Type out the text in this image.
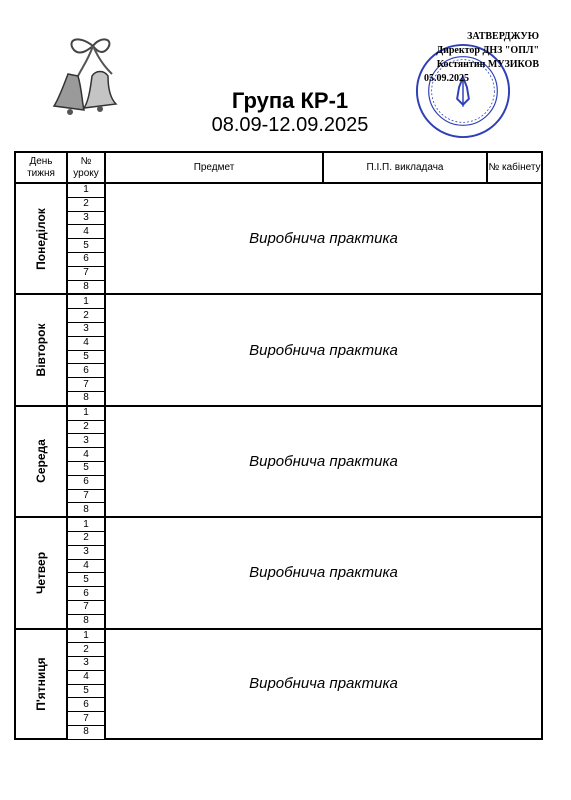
Група КР-1
08.09-12.09.2025
ЗАТВЕРДЖУЮ
Директор ДНЗ "ОПЛ"
Костянтин МУЗИКОВ
05.09.2025
День тижня	№ уроку	Предмет	П.І.П. викладача	№ кабінету

Понеділок	1	Виробнича практика		
	2			
	3			
	4			
	5			
	6			
	7			
	8			

Вівторок	1	Виробнича практика		
	2			
	3			
	4			
	5			
	6			
	7			
	8			

Середа	1	Виробнича практика		
	2			
	3			
	4			
	5			
	6			
	7			
	8			

Четвер	1	Виробнича практика		
	2			
	3			
	4			
	5			
	6			
	7			
	8			

П'ятниця	1	Виробнича практика		
	2			
	3			
	4			
	5			
	6			
	7			
	8			
